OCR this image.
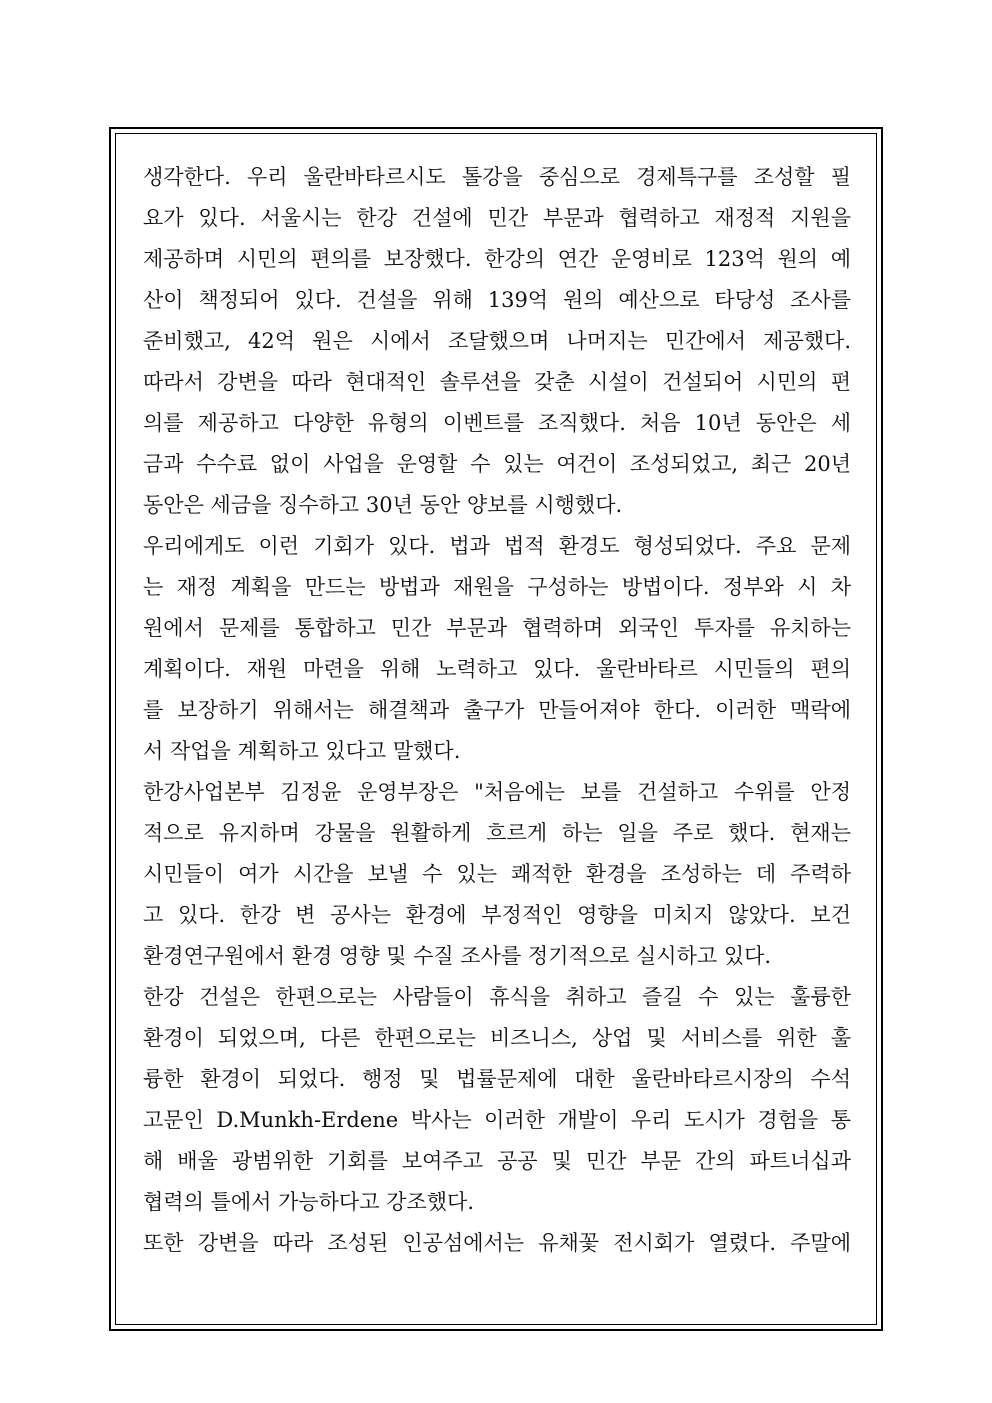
생각한다. 우리 울란바타르시도 톨강을 중심으로 경제특구를 조성할 필
요가 있다. 서울시는 한강 건설에 민간 부문과 협력하고 재정적 지원을
제공하며 시민의 편의를 보장했다. 한강의 연간 운영비로 123억 원의 예
산이 책정되어 있다. 건설을 위해 139억 원의 예산으로 타당성 조사를
준비했고, 42억 원은 시에서 조달했으며 나머지는 민간에서 제공했다.
따라서 강변을 따라 현대적인 솔루션을 갖춘 시설이 건설되어 시민의 편
의를 제공하고 다양한 유형의 이벤트를 조직했다. 처음 10년 동안은 세
금과 수수료 없이 사업을 운영할 수 있는 여건이 조성되었고, 최근 20년
동안은 세금을 징수하고 30년 동안 양보를 시행했다.
우리에게도 이런 기회가 있다. 법과 법적 환경도 형성되었다. 주요 문제
는 재정 계획을 만드는 방법과 재원을 구성하는 방법이다. 정부와 시 차
원에서 문제를 통합하고 민간 부문과 협력하며 외국인 투자를 유치하는
계획이다. 재원 마련을 위해 노력하고 있다. 울란바타르 시민들의 편의
를 보장하기 위해서는 해결책과 출구가 만들어져야 한다. 이러한 맥락에
서 작업을 계획하고 있다고 말했다.
한강사업본부 김정윤 운영부장은 "처음에는 보를 건설하고 수위를 안정
적으로 유지하며 강물을 원활하게 흐르게 하는 일을 주로 했다. 현재는
시민들이 여가 시간을 보낼 수 있는 쾌적한 환경을 조성하는 데 주력하
고 있다. 한강 변 공사는 환경에 부정적인 영향을 미치지 않았다. 보건
환경연구원에서 환경 영향 및 수질 조사를 정기적으로 실시하고 있다.
한강 건설은 한편으로는 사람들이 휴식을 취하고 즐길 수 있는 훌륭한
환경이 되었으며, 다른 한편으로는 비즈니스, 상업 및 서비스를 위한 훌
륭한 환경이 되었다. 행정 및 법률문제에 대한 울란바타르시장의 수석
고문인 D.Munkh-Erdene 박사는 이러한 개발이 우리 도시가 경험을 통
해 배울 광범위한 기회를 보여주고 공공 및 민간 부문 간의 파트너십과
협력의 틀에서 가능하다고 강조했다.
또한 강변을 따라 조성된 인공섬에서는 유채꽃 전시회가 열렸다. 주말에
